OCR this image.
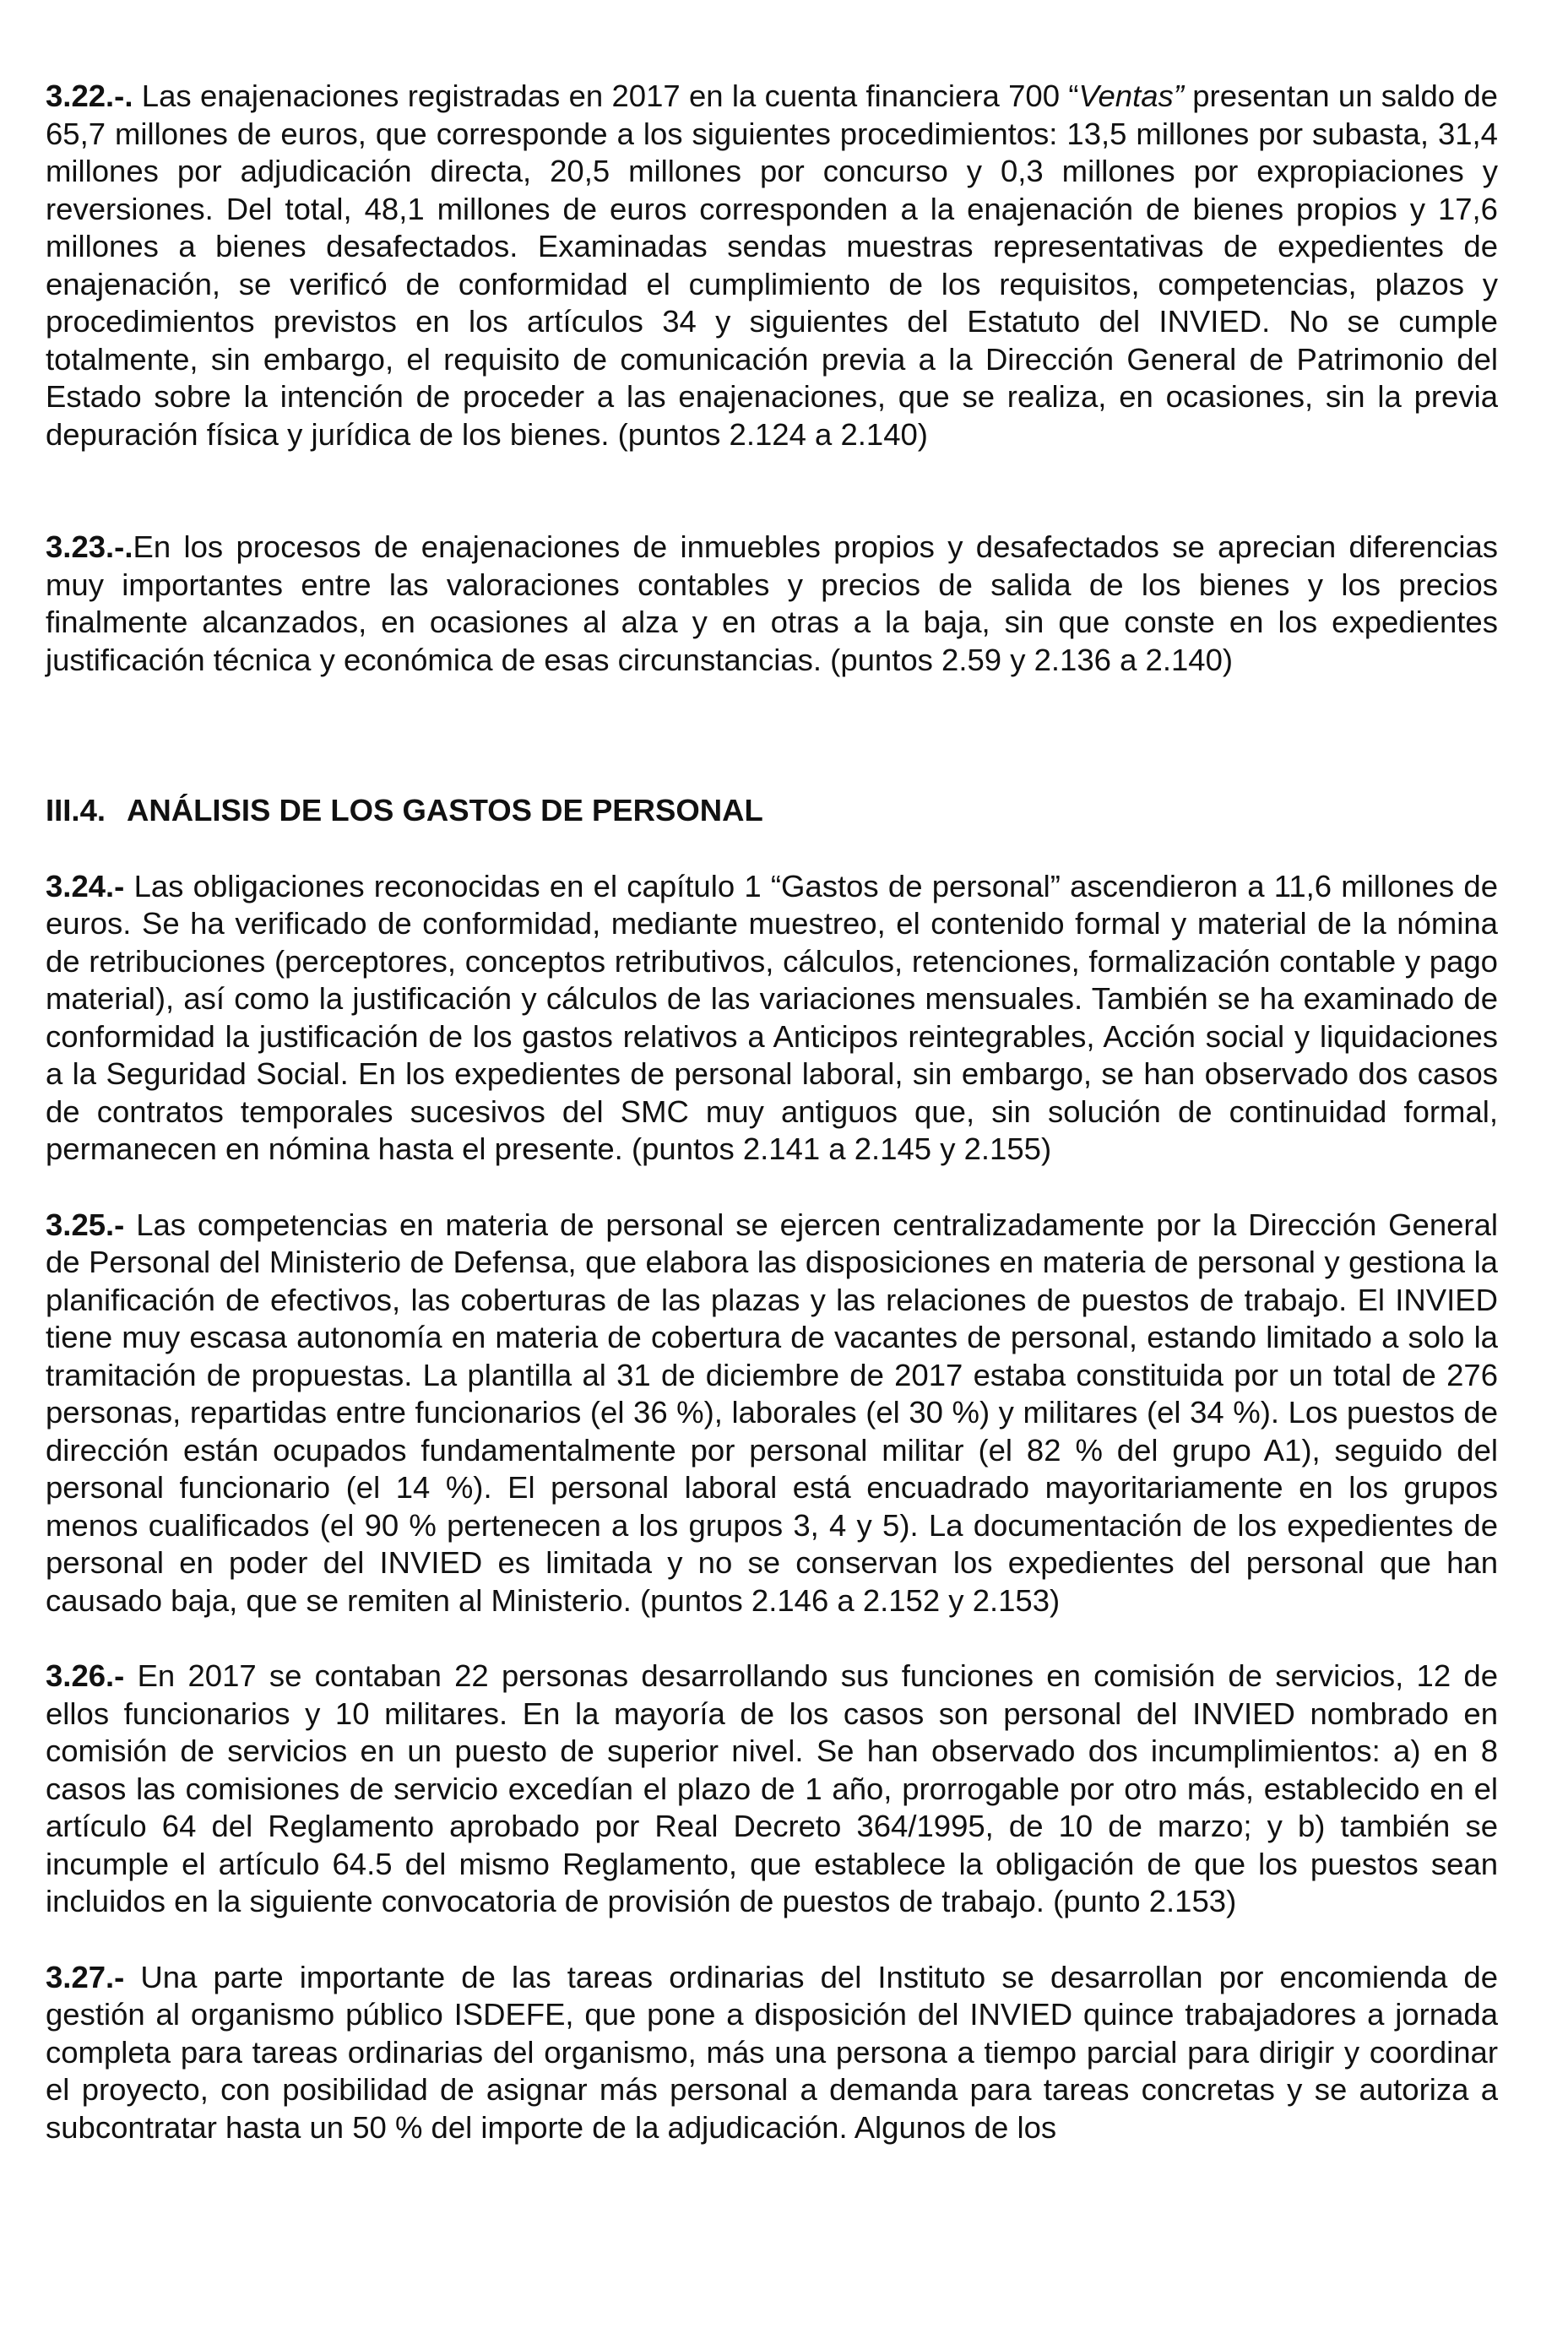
3.22.-. Las enajenaciones registradas en 2017 en la cuenta financiera 700 “Ventas” presentan un saldo de 65,7 millones de euros, que corresponde a los siguientes procedimientos: 13,5 millones por subasta, 31,4 millones por adjudicación directa, 20,5 millones por concurso y 0,3 millones por expropiaciones y reversiones. Del total, 48,1 millones de euros corresponden a la enajenación de bienes propios y 17,6 millones a bienes desafectados. Examinadas sendas muestras representativas de expedientes de enajenación, se verificó de conformidad el cumplimiento de los requisitos, competencias, plazos y procedimientos previstos en los artículos 34 y siguientes del Estatuto del INVIED. No se cumple totalmente, sin embargo, el requisito de comunicación previa a la Dirección General de Patrimonio del Estado sobre la intención de proceder a las enajenaciones, que se realiza, en ocasiones, sin la previa depuración física y jurídica de los bienes. (puntos 2.124 a 2.140)

3.23.-.En los procesos de enajenaciones de inmuebles propios y desafectados se aprecian diferencias muy importantes entre las valoraciones contables y precios de salida de los bienes y los precios finalmente alcanzados, en ocasiones al alza y en otras a la baja, sin que conste en los expedientes justificación técnica y económica de esas circunstancias. (puntos 2.59 y 2.136 a 2.140)

III.4. ANÁLISIS DE LOS GASTOS DE PERSONAL

3.24.- Las obligaciones reconocidas en el capítulo 1 “Gastos de personal” ascendieron a 11,6 millones de euros. Se ha verificado de conformidad, mediante muestreo, el contenido formal y material de la nómina de retribuciones (perceptores, conceptos retributivos, cálculos, retenciones, formalización contable y pago material), así como la justificación y cálculos de las variaciones mensuales. También se ha examinado de conformidad la justificación de los gastos relativos a Anticipos reintegrables, Acción social y liquidaciones a la Seguridad Social. En los expedientes de personal laboral, sin embargo, se han observado dos casos de contratos temporales sucesivos del SMC muy antiguos que, sin solución de continuidad formal, permanecen en nómina hasta el presente. (puntos 2.141 a 2.145 y 2.155)

3.25.- Las competencias en materia de personal se ejercen centralizadamente por la Dirección General de Personal del Ministerio de Defensa, que elabora las disposiciones en materia de personal y gestiona la planificación de efectivos, las coberturas de las plazas y las relaciones de puestos de trabajo. El INVIED tiene muy escasa autonomía en materia de cobertura de vacantes de personal, estando limitado a solo la tramitación de propuestas. La plantilla al 31 de diciembre de 2017 estaba constituida por un total de 276 personas, repartidas entre funcionarios (el 36 %), laborales (el 30 %) y militares (el 34 %). Los puestos de dirección están ocupados fundamentalmente por personal militar (el 82 % del grupo A1), seguido del personal funcionario (el 14 %). El personal laboral está encuadrado mayoritariamente en los grupos menos cualificados (el 90 % pertenecen a los grupos 3, 4 y 5). La documentación de los expedientes de personal en poder del INVIED es limitada y no se conservan los expedientes del personal que han causado baja, que se remiten al Ministerio. (puntos 2.146 a 2.152 y 2.153)

3.26.- En 2017 se contaban 22 personas desarrollando sus funciones en comisión de servicios, 12 de ellos funcionarios y 10 militares. En la mayoría de los casos son personal del INVIED nombrado en comisión de servicios en un puesto de superior nivel. Se han observado dos incumplimientos: a) en 8 casos las comisiones de servicio excedían el plazo de 1 año, prorrogable por otro más, establecido en el artículo 64 del Reglamento aprobado por Real Decreto 364/1995, de 10 de marzo; y b) también se incumple el artículo 64.5 del mismo Reglamento, que establece la obligación de que los puestos sean incluidos en la siguiente convocatoria de provisión de puestos de trabajo. (punto 2.153)

3.27.- Una parte importante de las tareas ordinarias del Instituto se desarrollan por encomienda de gestión al organismo público ISDEFE, que pone a disposición del INVIED quince trabajadores a jornada completa para tareas ordinarias del organismo, más una persona a tiempo parcial para dirigir y coordinar el proyecto, con posibilidad de asignar más personal a demanda para tareas concretas y se autoriza a subcontratar hasta un 50 % del importe de la adjudicación. Algunos de los
